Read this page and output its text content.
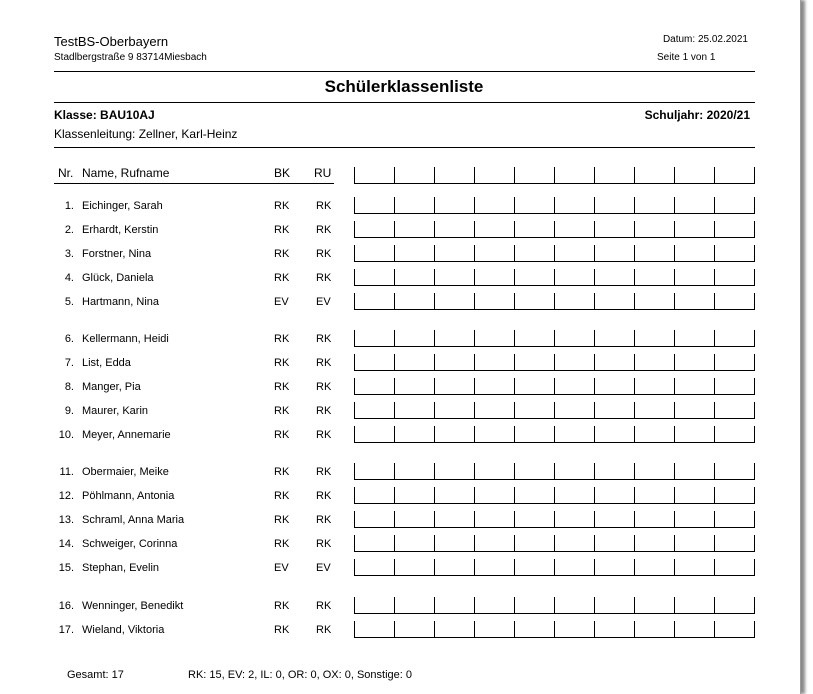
TestBS-Oberbayern
Stadlbergstraße 9 83714Miesbach
Datum: 25.02.2021
Seite 1 von 1
Schülerklassenliste
Klasse: BAU10AJ	Schuljahr: 2020/21
Klassenleitung: Zellner, Karl-Heinz
Nr. Name, Rufname	BK RU
1. Eichinger, Sarah	RK RK
2. Erhardt, Kerstin	RK RK
3. Forstner, Nina	RK RK
4. Glück, Daniela	RK RK
5. Hartmann, Nina	EV EV
6. Kellermann, Heidi	RK RK
7. List, Edda	RK RK
8. Manger, Pia	RK RK
9. Maurer, Karin	RK RK
10. Meyer, Annemarie	RK RK
11. Obermaier, Meike	RK RK
12. Pöhlmann, Antonia	RK RK
13. Schraml, Anna Maria	RK RK
14. Schweiger, Corinna	RK RK
15. Stephan, Evelin	EV EV
16. Wenninger, Benedikt	RK RK
17. Wieland, Viktoria	RK RK
Gesamt: 17	RK: 15, EV: 2, IL: 0, OR: 0, OX: 0, Sonstige: 0
